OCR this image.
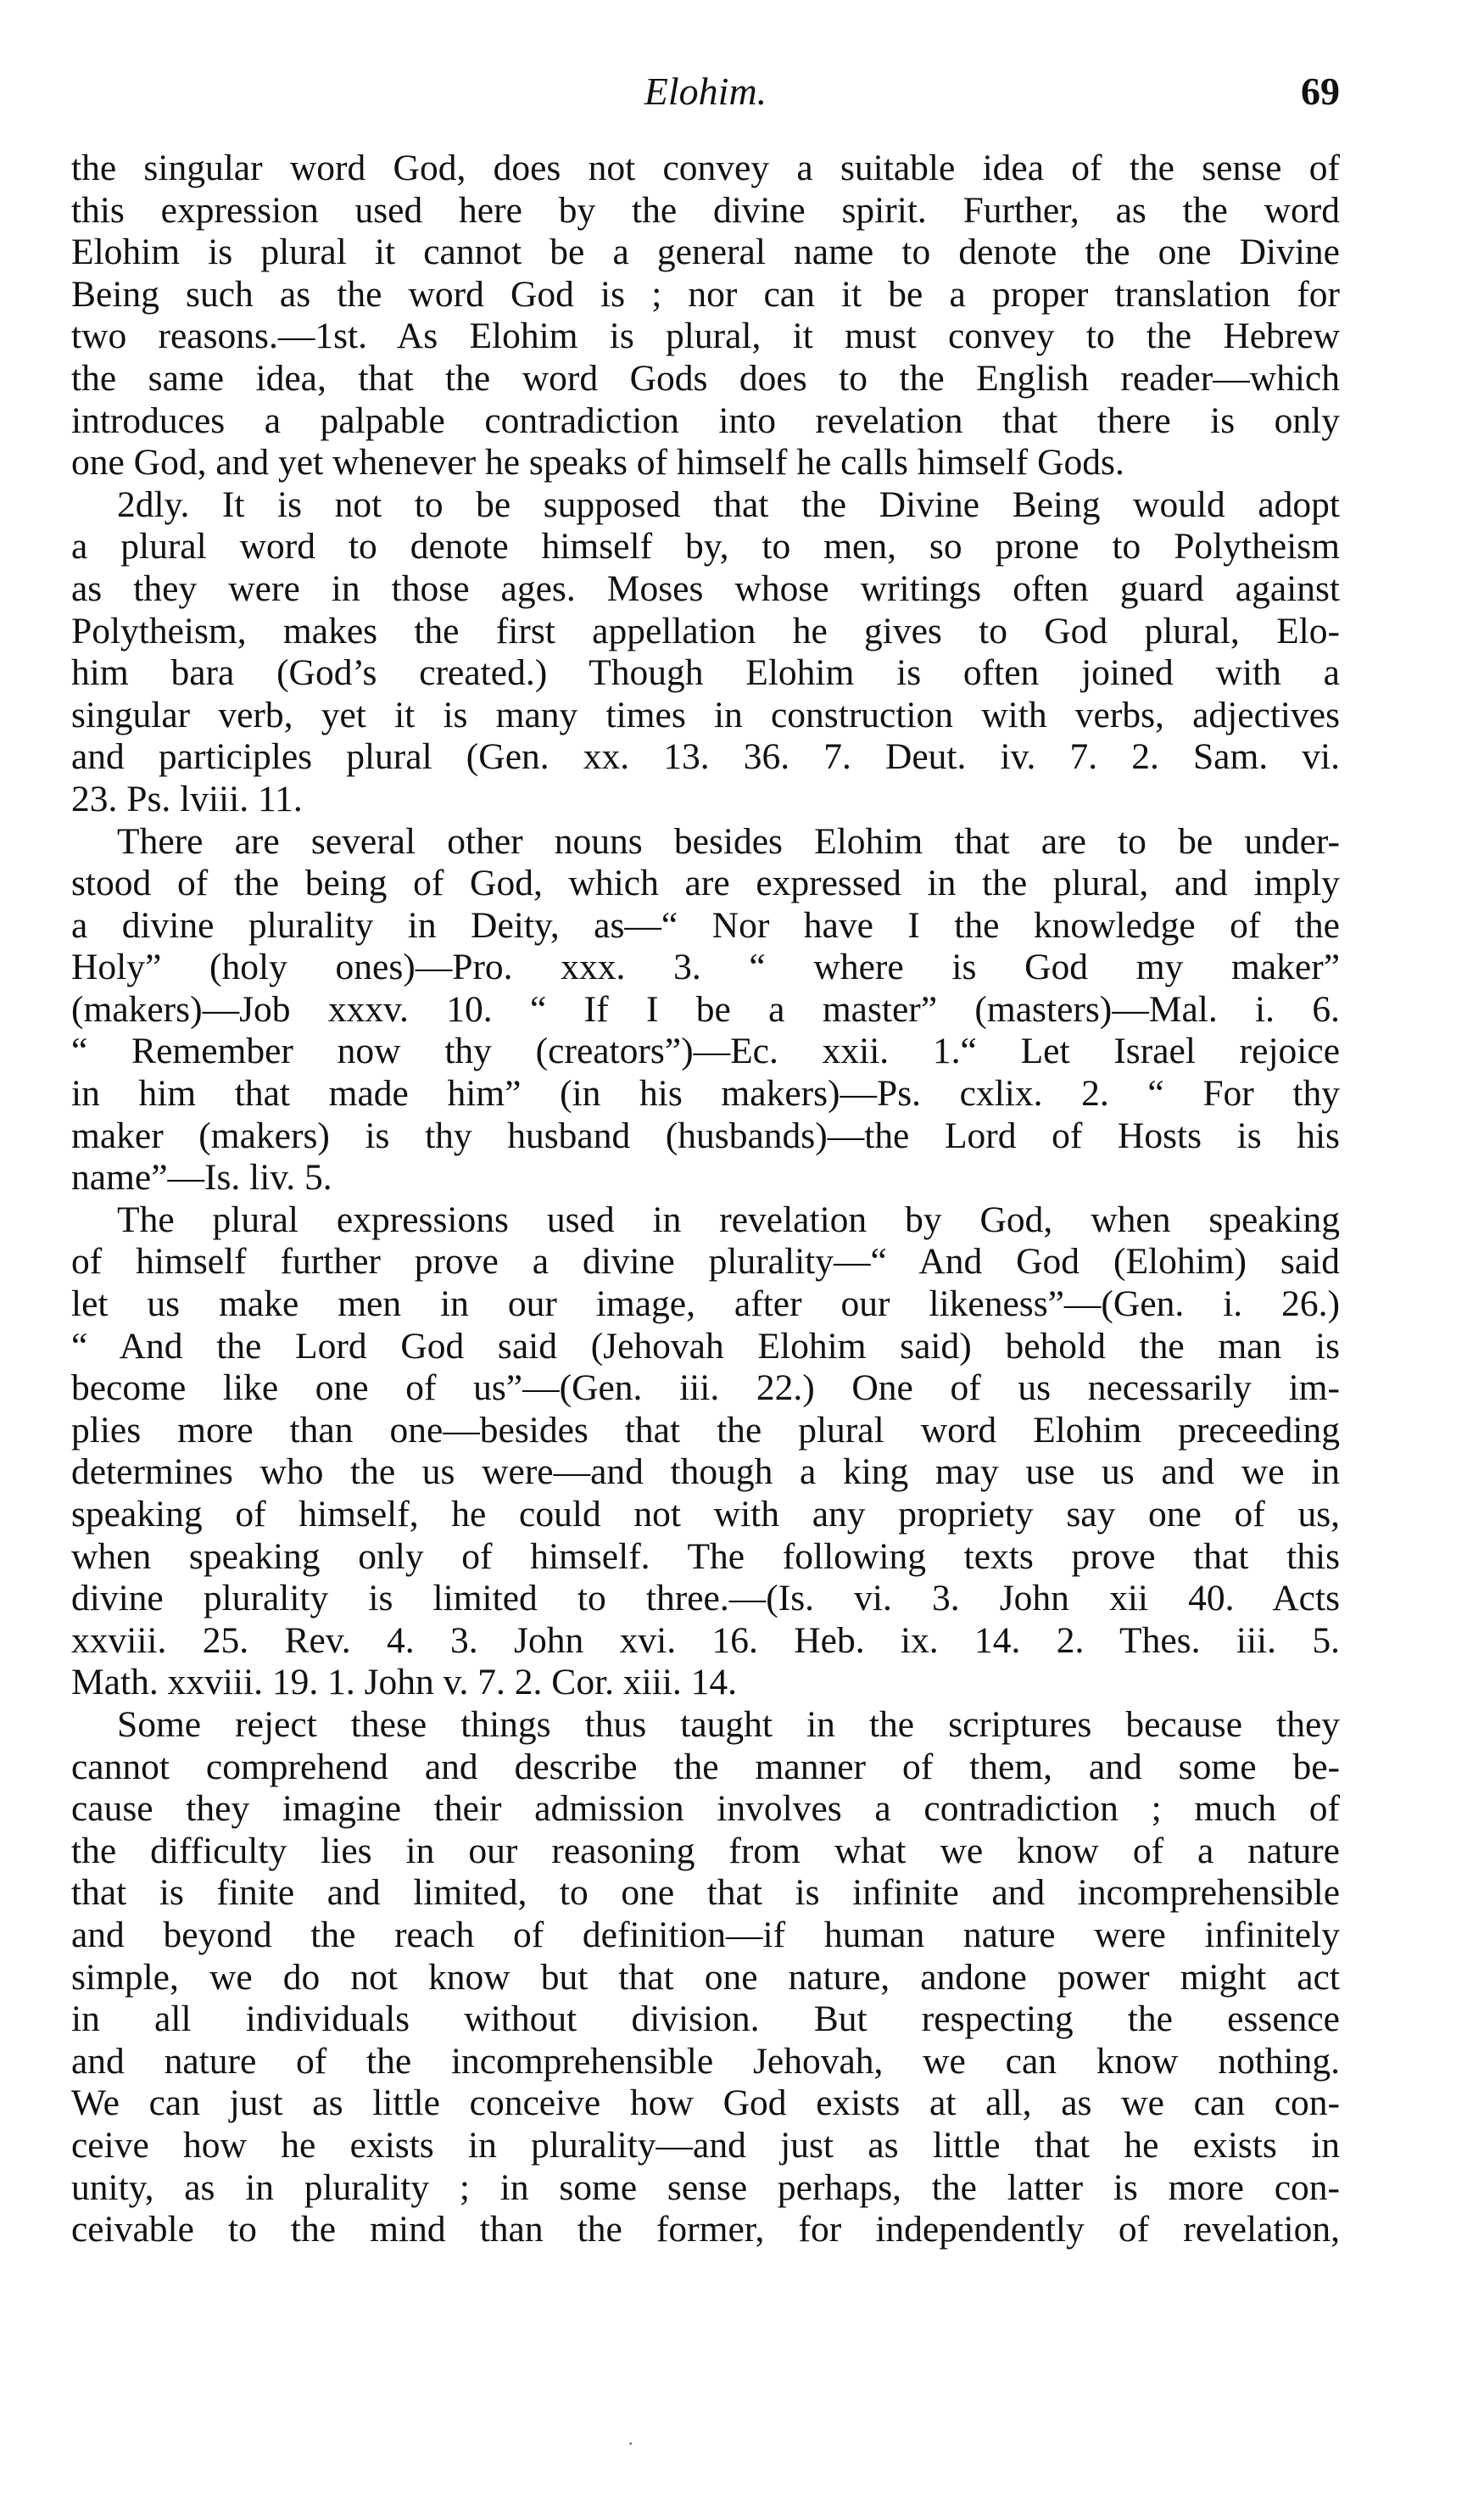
Elohim.	69
the singular word God, does not convey a suitable idea of the sense of
this expression used here by the divine spirit. Further, as the word
Elohim is plural it cannot be a general name to denote the one Divine
Being such as the word God is ; nor can it be a proper translation for
two reasons.—1st. As Elohim is plural, it must convey to the Hebrew
the same idea, that the word Gods does to the English reader—which
introduces a palpable contradiction into revelation that there is only
one God, and yet whenever he speaks of himself he calls himself Gods.
2dly. It is not to be supposed that the Divine Being would adopt
a plural word to denote himself by, to men, so prone to Polytheism
as they were in those ages. Moses whose writings often guard against
Polytheism, makes the first appellation he gives to God plural, Elo-
him bara (God’s created.) Though Elohim is often joined with a
singular verb, yet it is many times in construction with verbs, adjectives
and participles plural (Gen. xx. 13. 36. 7. Deut. iv. 7. 2. Sam. vi.
23. Ps. lviii. 11.
There are several other nouns besides Elohim that are to be under-
stood of the being of God, which are expressed in the plural, and imply
a divine plurality in Deity, as—“ Nor have I the knowledge of the
Holy” (holy ones)—Pro. xxx. 3. “ where is God my maker”
(makers)—Job xxxv. 10. “ If I be a master” (masters)—Mal. i. 6.
“ Remember now thy (creators”)—Ec. xxii. 1.“ Let Israel rejoice
in him that made him” (in his makers)—Ps. cxlix. 2. “ For thy
maker (makers) is thy husband (husbands)—the Lord of Hosts is his
name”—Is. liv. 5.
The plural expressions used in revelation by God, when speaking
of himself further prove a divine plurality—“ And God (Elohim) said
let us make men in our image, after our likeness”—(Gen. i. 26.)
“ And the Lord God said (Jehovah Elohim said) behold the man is
become like one of us”—(Gen. iii. 22.) One of us necessarily im-
plies more than one—besides that the plural word Elohim preceeding
determines who the us were—and though a king may use us and we in
speaking of himself, he could not with any propriety say one of us,
when speaking only of himself. The following texts prove that this
divine plurality is limited to three.—(Is. vi. 3. John xii 40. Acts
xxviii. 25. Rev. 4. 3. John xvi. 16. Heb. ix. 14. 2. Thes. iii. 5.
Math. xxviii. 19. 1. John v. 7. 2. Cor. xiii. 14.
Some reject these things thus taught in the scriptures because they
cannot comprehend and describe the manner of them, and some be-
cause they imagine their admission involves a contradiction ; much of
the difficulty lies in our reasoning from what we know of a nature
that is finite and limited, to one that is infinite and incomprehensible
and beyond the reach of definition—if human nature were infinitely
simple, we do not know but that one nature, andone power might act
in all individuals without division. But respecting the essence
and nature of the incomprehensible Jehovah, we can know nothing.
We can just as little conceive how God exists at all, as we can con-
ceive how he exists in plurality—and just as little that he exists in
unity, as in plurality ; in some sense perhaps, the latter is more con-
ceivable to the mind than the former, for independently of revelation,
·
